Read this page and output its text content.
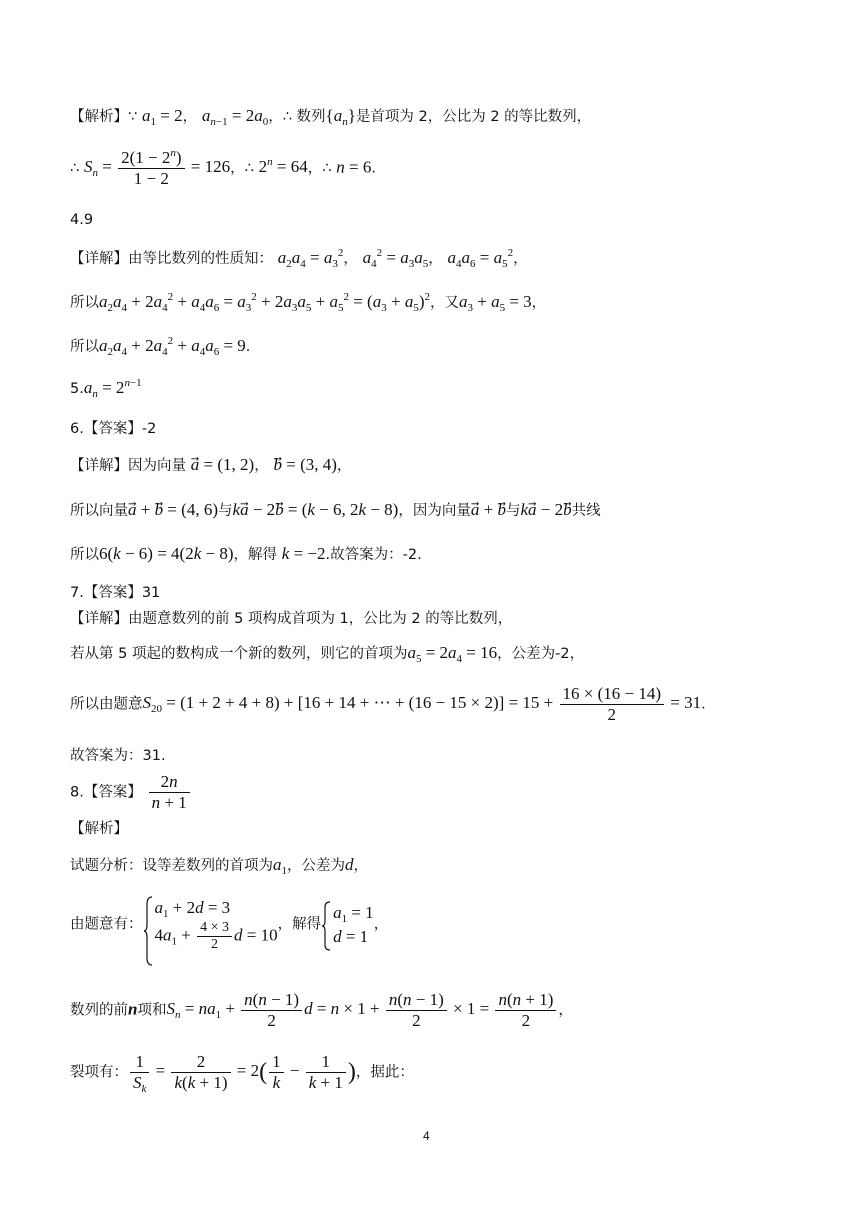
【解析】∵ $a_1 = 2$， $a_{n-1} = 2a_0$，∴ 数列$\{a_n\}$是首项为 2，公比为 2 的等比数列，
∴ $S_n = \frac{2(1 - 2^n)}{1 - 2} = 126$，∴ $2^n = 64$，∴ n = 6.
4.9
【详解】由等比数列的性质知： $a_2a_4 = a_3^2$， $a_4^2 = a_3a_5$， $a_4a_6 = a_5^2$，
所以$a_2a_4 + 2a_4^2 + a_4a_6 = a_3^2 + 2a_3a_5 + a_5^2 = (a_3 + a_5)^2$，又$a_3 + a_5 = 3$，
所以$a_2a_4 + 2a_4^2 + a_4a_6 = 9$.
$5.a_n = 2^{n-1}$
6.【答案】-2
【详解】因为向量 a⃗ = (1, 2)， b⃗ = (3, 4)，
所以向量a⃗ + b⃗ = (4, 6)与ka⃗ − 2b⃗ = (k − 6, 2k − 8)，因为向量a⃗ + b与ka⃗ − 2b共线
所以6(k − 6) = 4(2k − 8)，解得 k = −2.故答案为：-2.
7.【答案】31
【详解】由题意数列的前 5 项构成首项为 1，公比为 2 的等比数列，
若从第 5 项起的数构成一个新的数列，则它的首项为$a_5 = 2a_4 = 16$，公差为-2，
所以由题意$S_{20} = (1 + 2 + 4 + 8) + [16 + 14$ + ⋯ + $(16 - 15 \times 2)] = 15 + \frac{16 \times (16 - 14)}{2} = 31$.
故答案为：31.
8.【答案】 $\frac{2n}{n + 1}$
【解析】
试题分析：设等差数列的首项为$a_1$，公差为d，
由题意有：
$a_1 + 2d = 3$
$4a_1 + \frac{4 \times 3}{2}$ d = 10
，解得
$a_1 = 1$
d = 1
，
数列的前n项和$S_n = na_1 + \frac{n(n - 1)}{2}$ $d = n \times 1 + \frac{n(n - 1)}{2} \times 1 = \frac{n(n + 1)}{2}$ ，
裂项有： $\frac{1}{S_k} = \frac{2}{k(k + 1)} = 2( \frac{1}{k} - \frac{1}{k + 1}$ )，据此：
4
